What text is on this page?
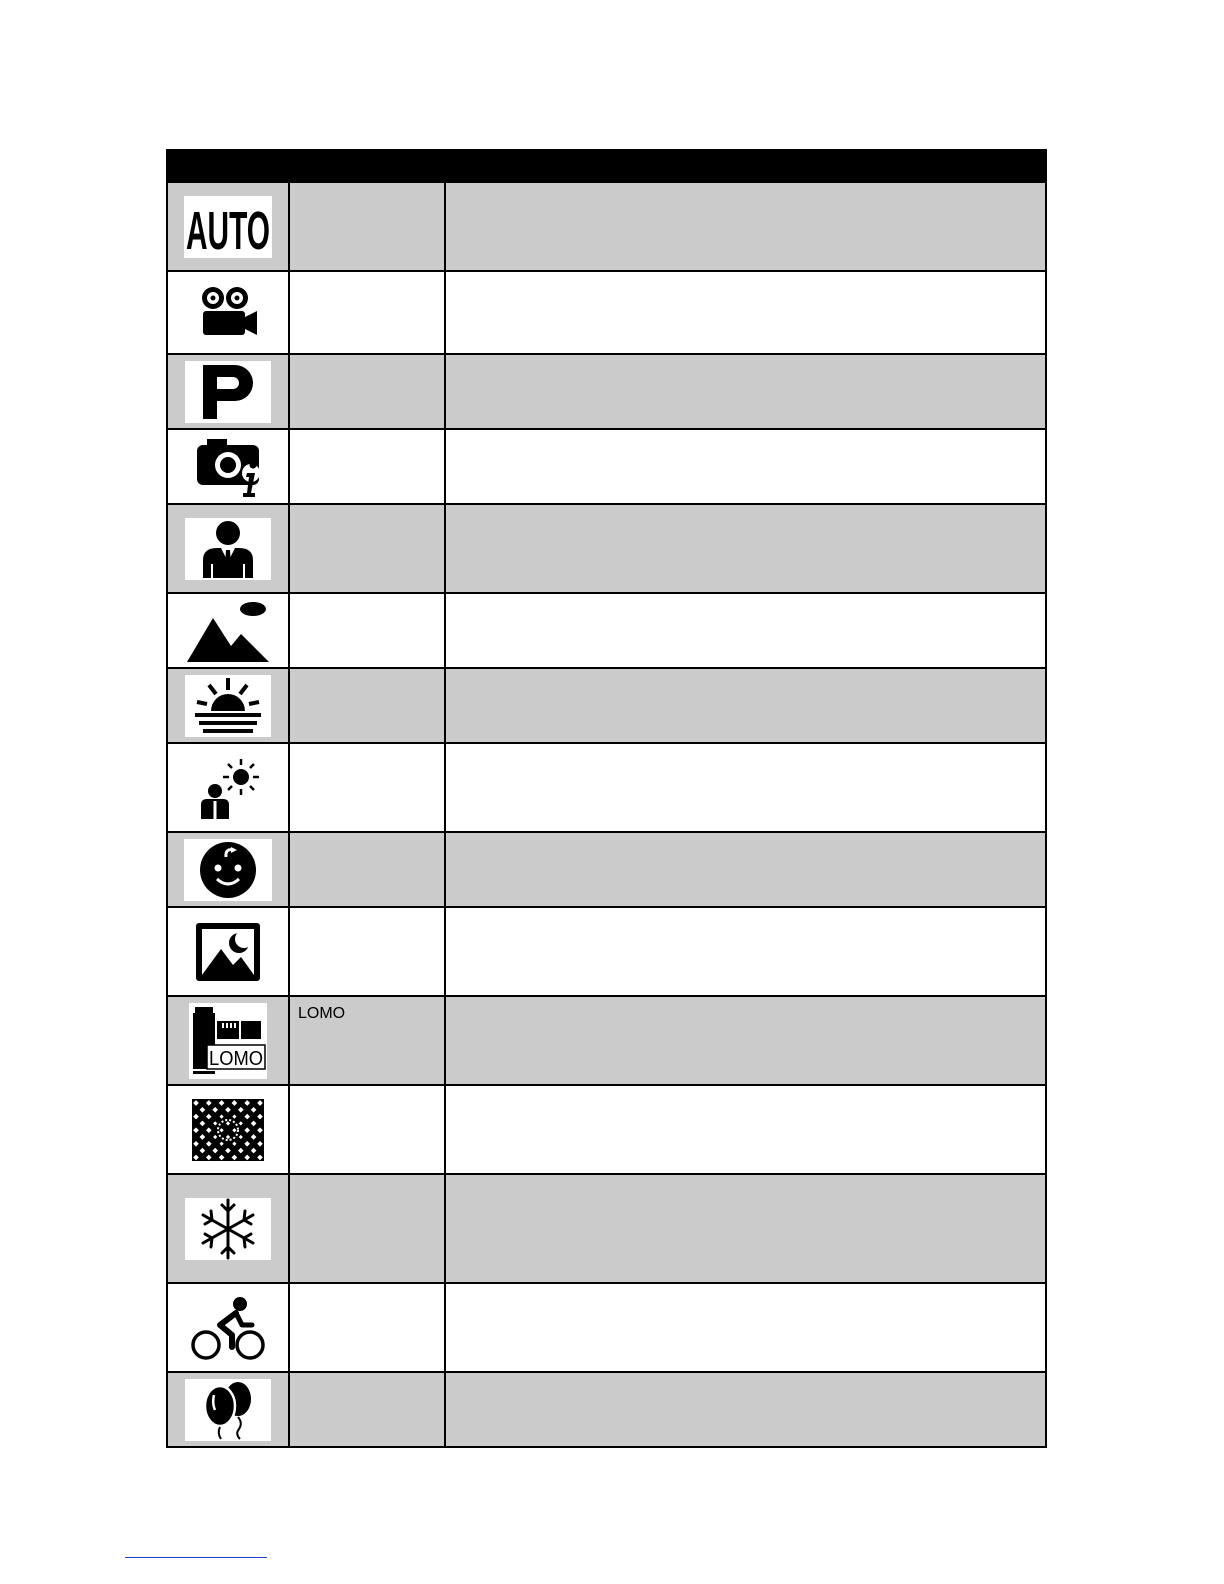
AUTO
LOMO
LOMO
